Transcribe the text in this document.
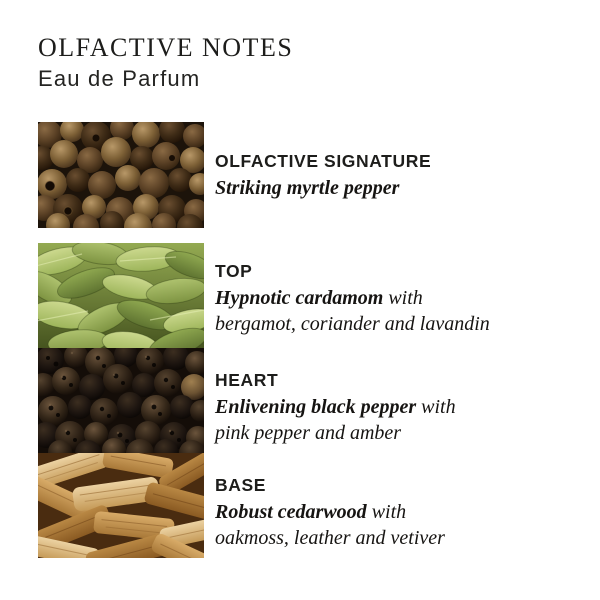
OLFACTIVE NOTES
Eau de Parfum
OLFACTIVE SIGNATURE

Striking myrtle pepper

TOP

Hypnotic cardamom with

bergamot, coriander and lavandin

HEART

Enlivening black pepper with

pink pepper and amber

BASE

Robust cedarwood with

oakmoss, leather and vetiver
